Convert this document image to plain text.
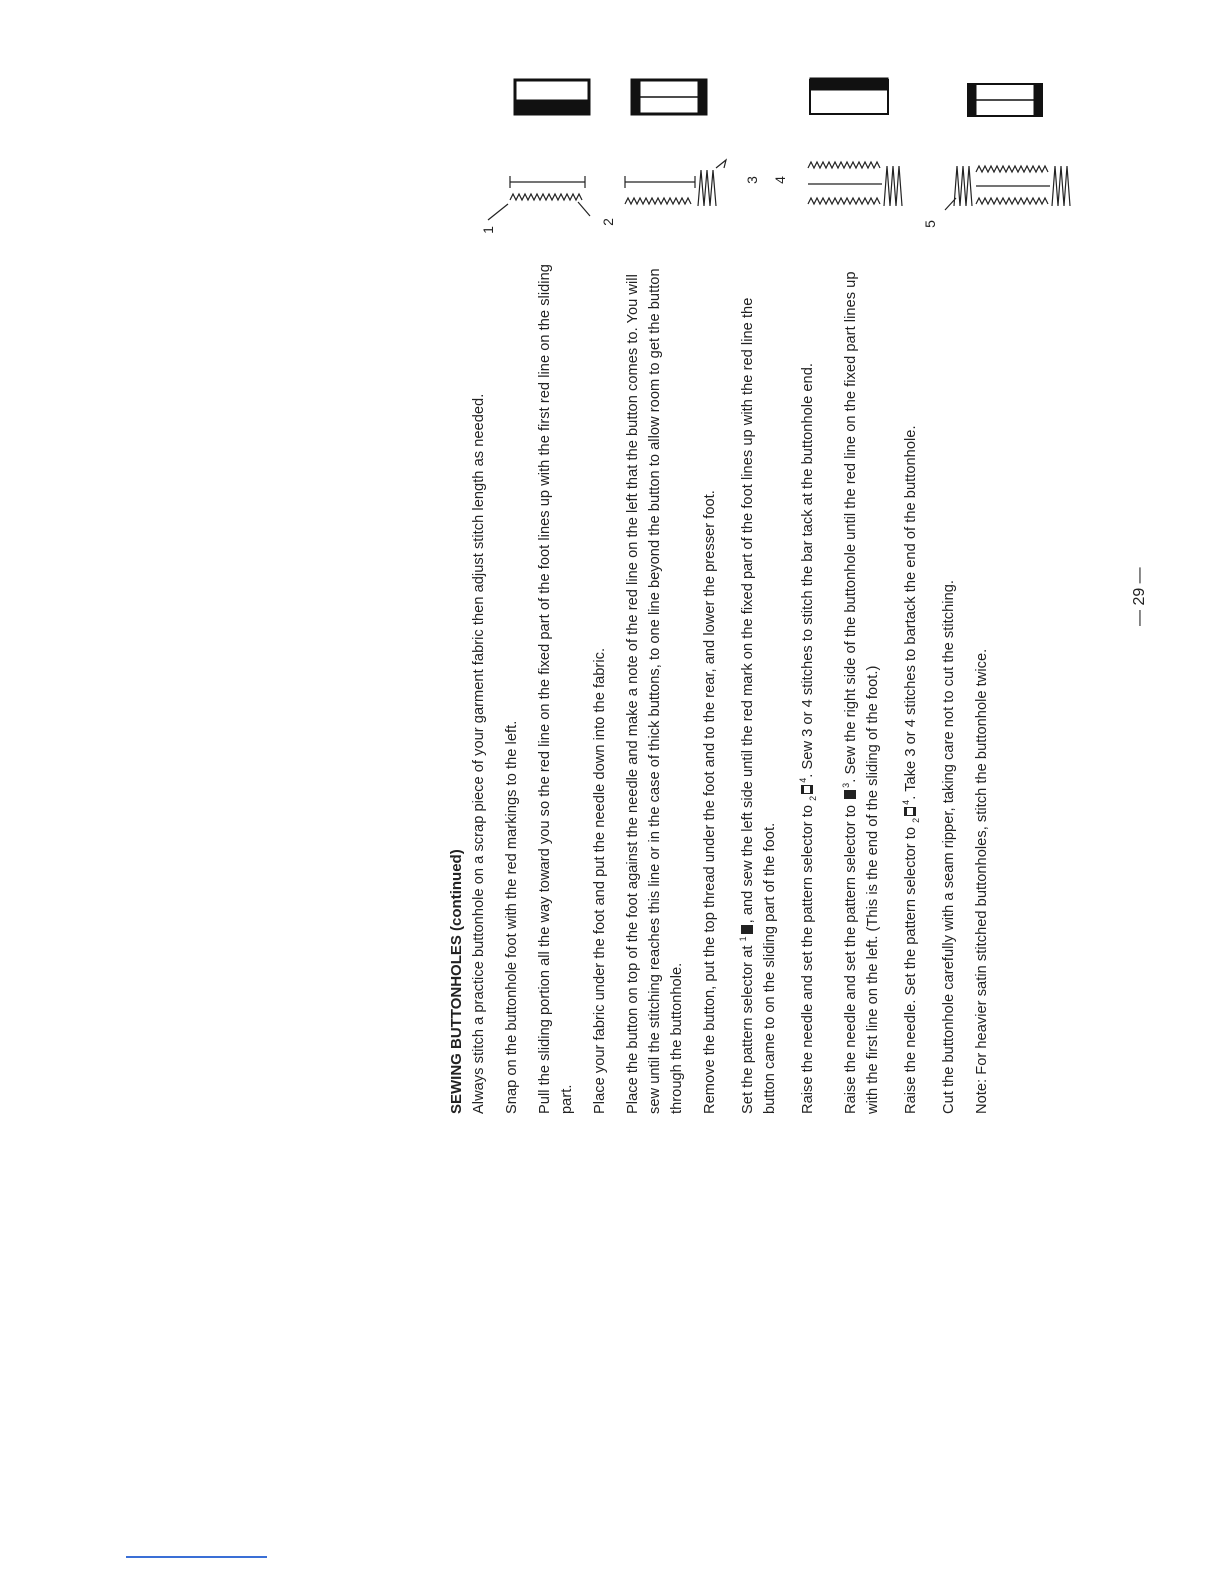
SEWING BUTTONHOLES (continued) Always stitch a practice buttonhole on a scrap piece of your garment fabric then adjust stitch length as needed. Snap on the buttonhole foot with the red markings to the left. Pull the sliding portion all the way toward you so the red line on the fixed part of the foot lines up with the first red line on the sliding part. Place your fabric under the foot and put the needle down into the fabric. Place the button on top of the foot against the needle and make a note of the red line on the left that the button comes to. You will sew until the stitching reaches this line or in the case of thick buttons, to one line beyond the button to allow room to get the button through the buttonhole. Remove the button, put the top thread under the foot and to the rear, and lower the presser foot.	Set the pattern selector at $^1$, and sew the left side until the red mark on the fixed part of the foot lines up with the red line the button came to on the sliding part of the foot.	Raise the needle and set the pattern selector to $_2^4$. Sew 3 or 4 stitches to stitch the bar tack at the buttonhole end.

Raise the needle and set the pattern selector to $^3$. Sew the right side of the buttonhole until the red line on the fixed part lines up with the first line on the left. (This is the end of the sliding of the foot.)	Raise the needle. Set the pattern selector to $_2^4$. Take 3 or 4 stitches to bartack the end of the buttonhole.	Cut the buttonhole carefully with a seam ripper, taking care not to cut the stitching. Note: For heavier satin stitched buttonholes, stitch the buttonhole twice.

— 29 —
1
2
3 4
5
